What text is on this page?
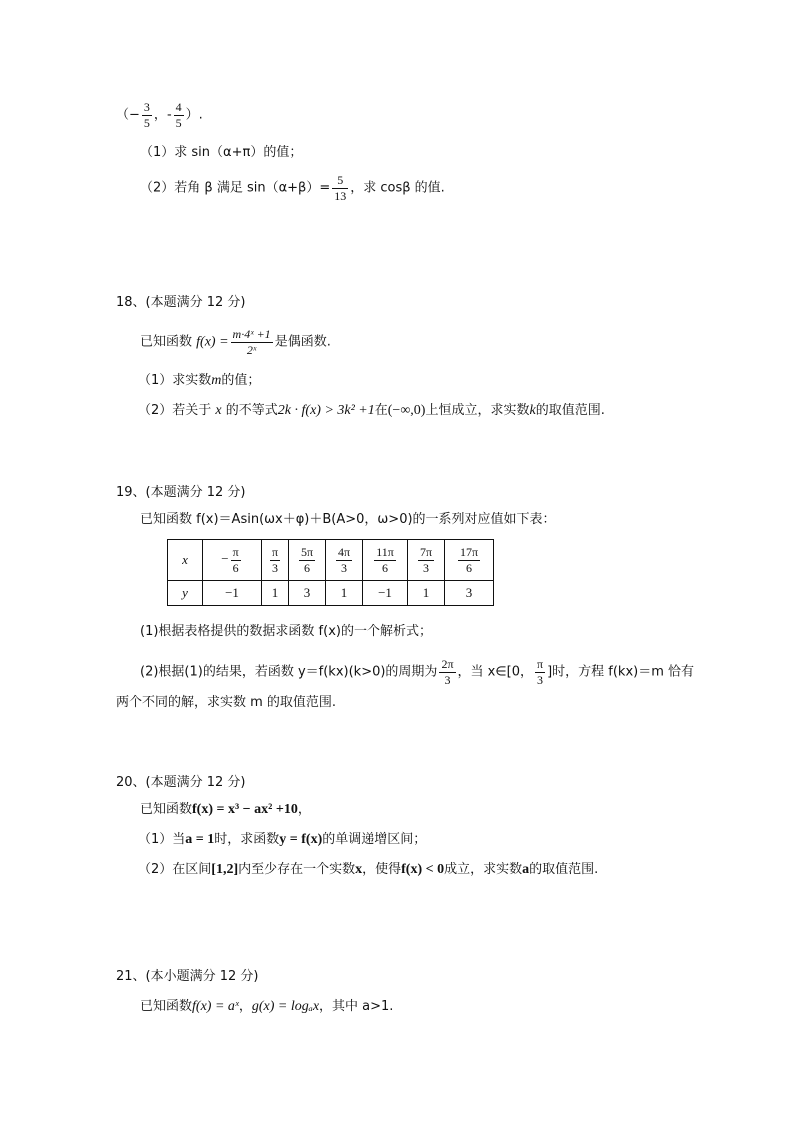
（− $\frac{3}{5}$ ，- $\frac{4}{5}$ ）.
（1）求 sin（α+π）的值；
（2）若角 β 满足 $\sin(\alpha+\beta)= \frac{5}{13}$ ，求 cosβ 的值.
18、(本题满分 12 分)
已知函数 $f(x) = \frac{\text{m·4ˣ +1}}{\text{2ˣ}}$ 是偶函数.
（1）求实数m的值；
（2）若关于 x 的不等式2k · f(x) > 3k² +1在(−∞,0)上恒成立，求实数k的取值范围.
19、(本题满分 12 分)
已知函数 f(x)＝Asin(ωx＋φ)＋B(A>0，ω>0)的一系列对应值如下表：
x	− $\frac{\pi}{6}$	$\frac{\pi}{3}$	$\frac{5\pi}{6}$	$\frac{4\pi}{3}$	$\frac{11\pi}{6}$	$\frac{7\pi}{3}$	$\frac{17\pi}{6}$

y	−1	1	3	1	−1	1	3
(1)根据表格提供的数据求函数 f(x)的一个解析式；
(2)根据(1)的结果，若函数 y＝f(kx)(k>0)的周期为 $\frac{2\pi}{3}$ ，当 x∈[0， $\frac{\pi}{3}$ ]时，方程 f(kx)＝m 恰有
两个不同的解，求实数 m 的取值范围.
20、(本题满分 12 分)
已知函数f(x) = x³ − ax² +10，
（1）当a = 1时，求函数y = f(x)的单调递增区间；
（2）在区间[1,2]内至少存在一个实数x，使得f(x) < 0成立，求实数a的取值范围.
21、(本小题满分 12 分)
已知函数f(x) = aˣ，g(x) = logₐx，其中 a>1.
